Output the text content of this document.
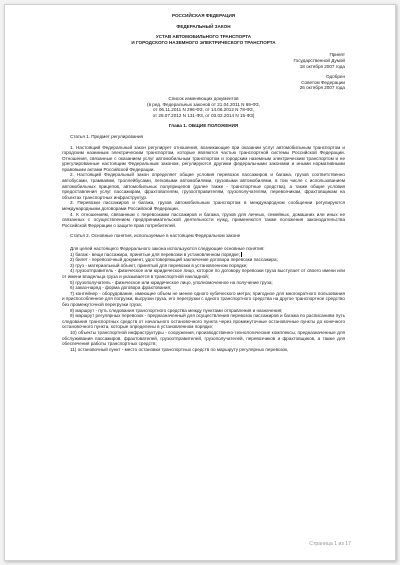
РОССИЙСКАЯ ФЕДЕРАЦИЯ

ФЕДЕРАЛЬНЫЙ ЗАКОН

УСТАВ АВТОМОБИЛЬНОГО ТРАНСПОРТА

И ГОРОДСКОГО НАЗЕМНОГО ЭЛЕКТРИЧЕСКОГО ТРАНСПОРТА

Принят

Государственной Думой

18 октября 2007 года

Одобрен

Советом Федерации

26 октября 2007 года

Список изменяющих документов

(в ред. Федеральных законов от 21.04.2011 N 69-ФЗ,

от 06.11.2011 N 296-ФЗ, от 14.06.2012 N 78-ФЗ,

от 28.07.2012 N 131-ФЗ, от 03.02.2014 N 15-ФЗ)

Глава 1. ОБЩИЕ ПОЛОЖЕНИЯ

Статья 1. Предмет регулирования

1. Настоящий Федеральный закон регулирует отношения, возникающие при оказании услуг автомобильным транспортом и городским наземным электрическим транспортом, которые являются частью транспортной системы Российской Федерации. Отношения, связанные с оказанием услуг автомобильным транспортом и городским наземным электрическим транспортом и не урегулированные настоящим Федеральным законом, регулируются другими федеральными законами и иными нормативными правовыми актами Российской Федерации.

2. Настоящий Федеральный закон определяет общие условия перевозок пассажиров и багажа, грузов соответственно автобусами, трамваями, троллейбусами, легковыми автомобилями, грузовыми автомобилями, в том числе с использованием автомобильных прицепов, автомобильных полуприцепов (далее также - транспортные средства), а также общие условия предоставления услуг пассажирам, фрахтователям, грузоотправителям, грузополучателям, перевозчикам, фрахтовщикам на объектах транспортных инфраструктур.

3. Перевозки пассажиров и багажа, грузов автомобильным транспортом в международном сообщении регулируются международными договорами Российской Федерации.

4. К отношениям, связанным с перевозками пассажиров и багажа, грузов для личных, семейных, домашних или иных не связанных с осуществлением предпринимательской деятельности нужд, применяются также положения законодательства Российской Федерации о защите прав потребителей.

Статья 2. Основные понятия, используемые в настоящем Федеральном законе

Для целей настоящего Федерального закона используются следующие основные понятия:

1) багаж - вещи пассажира, принятые для перевозки в установленном порядке;

2) билет - перевозочный документ, удостоверяющий заключение договора перевозки пассажира;

3) груз - материальный объект, принятый для перевозки в установленном порядке;

4) грузоотправитель - физическое или юридическое лицо, которое по договору перевозки груза выступает от своего имени или от имени владельца груза и указывается в транспортной накладной;

5) грузополучатель - физическое или юридическое лицо, уполномоченное на получение груза;

6) заказ-наряд - форма договора фрахтования;

7) контейнер - оборудование, имеющее объем не менее одного кубического метра; пригодное для многократного пользования и приспособленное для погрузки, выгрузки груза, его перегрузки с одного транспортного средства на другое транспортное средство без промежуточной перегрузки груза;

8) маршрут - путь следования транспортного средства между пунктами отправления и назначения;

9) маршрут регулярных перевозок - предназначенный для осуществления перевозок пассажиров и багажа по расписаниям путь следования транспортных средств от начального остановочного пункта через промежуточные остановочные пункты до конечного остановочного пункта, которые определены в установленном порядке;

10) объекты транспортной инфраструктуры - сооружения, производственно-технологические комплексы, предназначенные для обслуживания пассажиров, фрахтователей, грузоотправителей, грузополучателей, перевозчиков и фрахтовщиков, а также для обеспечения работы транспортных средств;

11) остановочный пункт - место остановки транспортных средств по маршруту регулярных перевозок,

Страница 1 из 17
